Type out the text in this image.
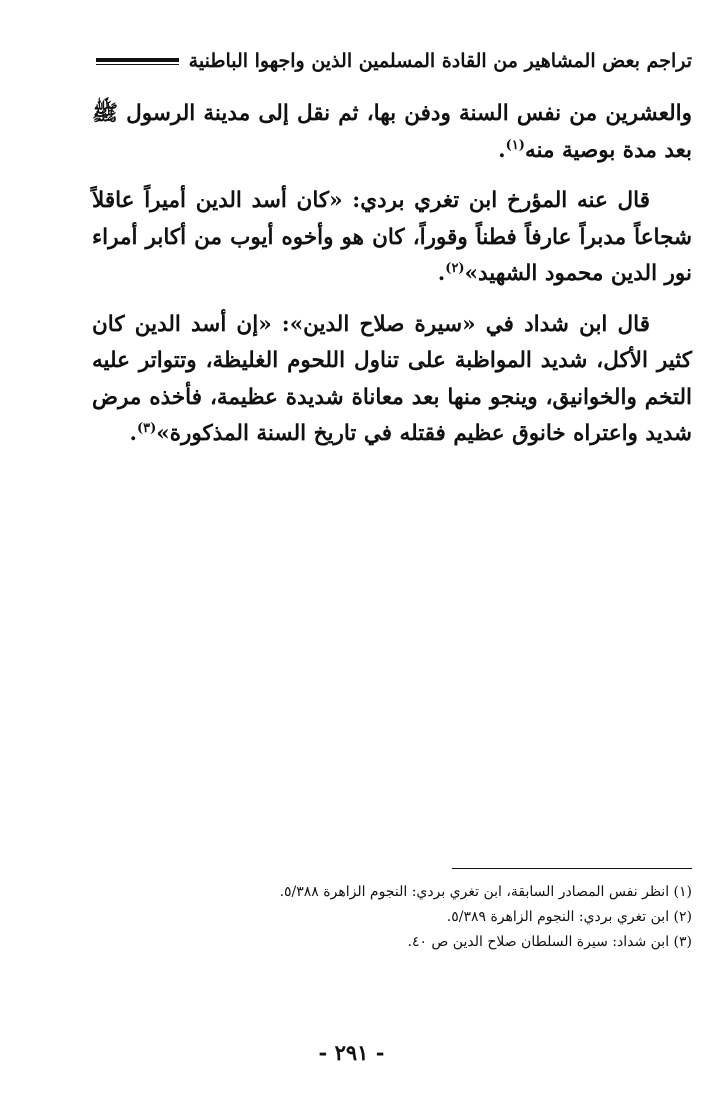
تراجم بعض المشاهير من القادة المسلمين الذين واجهوا الباطنية

والعشرين من نفس السنة ودفن بها، ثم نقل إلى مدينة الرسول ﷺ بعد مدة بوصية منه$^{(١)}$.

قال عنه المؤرخ ابن تغري بردي: «كان أسد الدين أميراً عاقلاً شجاعاً مدبراً عارفاً فطناً وقوراً، كان هو وأخوه أيوب من أكابر أمراء نور الدين محمود الشهيد»$^{(٢)}$.

قال ابن شداد في «سيرة صلاح الدين»: «إن أسد الدين كان كثير الأكل، شديد المواظبة على تناول اللحوم الغليظة، وتتواتر عليه التخم والخوانيق، وينجو منها بعد معاناة شديدة عظيمة، فأخذه مرض شديد واعتراه خانوق عظيم فقتله في تاريخ السنة المذكورة»$^{(٣)}$.

(١) انظر نفس المصادر السابقة، ابن تغري بردي: النجوم الزاهرة ٥/٣٨٨.

(٢) ابن تغري بردي: النجوم الزاهرة ٥/٣٨٩.

(٣) ابن شداد: سيرة السلطان صلاح الدين ص ٤٠.

- ٢٩١ -
